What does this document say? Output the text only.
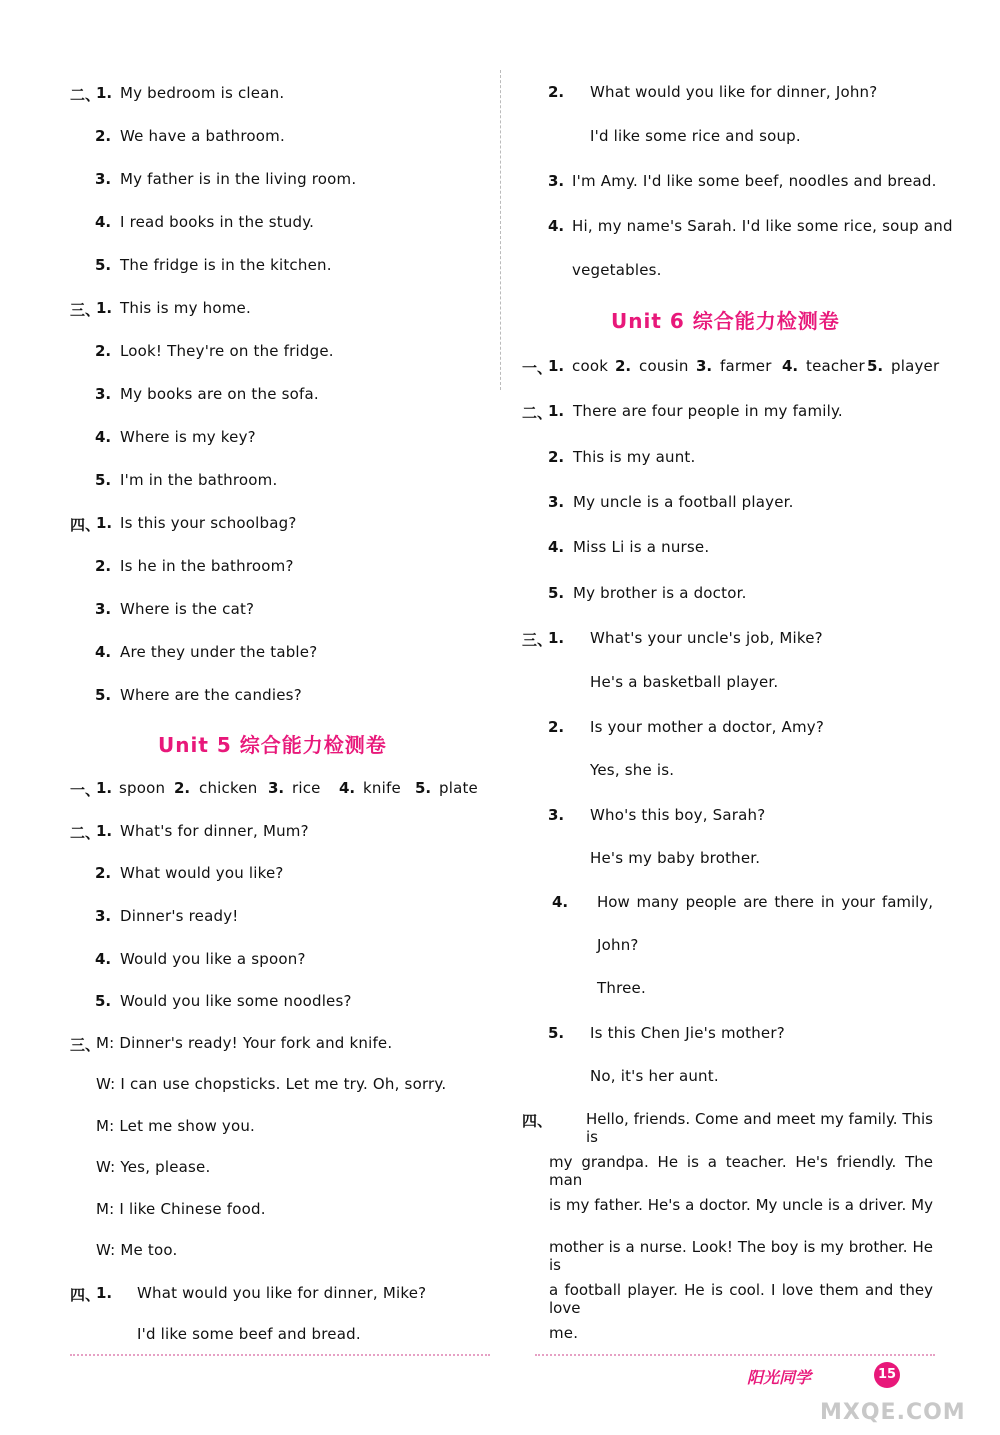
二、
1. My bedroom is clean.
2. We have a bathroom.
3. My father is in the living room.
4. I read books in the study.
5. The fridge is in the kitchen.
三、
1. This is my home.
2. Look! They're on the fridge.
3. My books are on the sofa.
4. Where is my key?
5. I'm in the bathroom.
四、
1. Is this your schoolbag?
2. Is he in the bathroom?
3. Where is the cat?
4. Are they under the table?
5. Where are the candies?
Unit 5 综合能力检测卷
一、
1. spoon 2. chicken 3. rice 4. knife 5. plate
二、
1. What's for dinner, Mum?
2. What would you like?
3. Dinner's ready!
4. Would you like a spoon?
5. Would you like some noodles?
三、
M: Dinner's ready! Your fork and knife.
W: I can use chopsticks. Let me try. Oh, sorry.
M: Let me show you.
W: Yes, please.
M: I like Chinese food.
W: Me too.
四、
1. What would you like for dinner, Mike?
I'd like some beef and bread.
2. What would you like for dinner, John?
I'd like some rice and soup.
3. I'm Amy. I'd like some beef, noodles and bread.
4. Hi, my name's Sarah. I'd like some rice, soup and
vegetables.
Unit 6 综合能力检测卷
一、
1. cook 2. cousin 3. farmer 4. teacher 5. player
二、
1. There are four people in my family.
2. This is my aunt.
3. My uncle is a football player.
4. Miss Li is a nurse.
5. My brother is a doctor.
三、
1. What's your uncle's job, Mike?
He's a basketball player.
2. Is your mother a doctor, Amy?
Yes, she is.
3. Who's this boy, Sarah?
He's my baby brother.
4. How many people are there in your family,
John?
Three.
5. Is this Chen Jie's mother?
No, it's her aunt.
四、 Hello, friends. Come and meet my family. This is
my grandpa. He is a teacher. He's friendly. The man
is my father. He's a doctor. My uncle is a driver. My
mother is a nurse. Look! The boy is my brother. He is
a football player. He is cool. I love them and they love
me.
阳光同学	15
MXQE.COM
